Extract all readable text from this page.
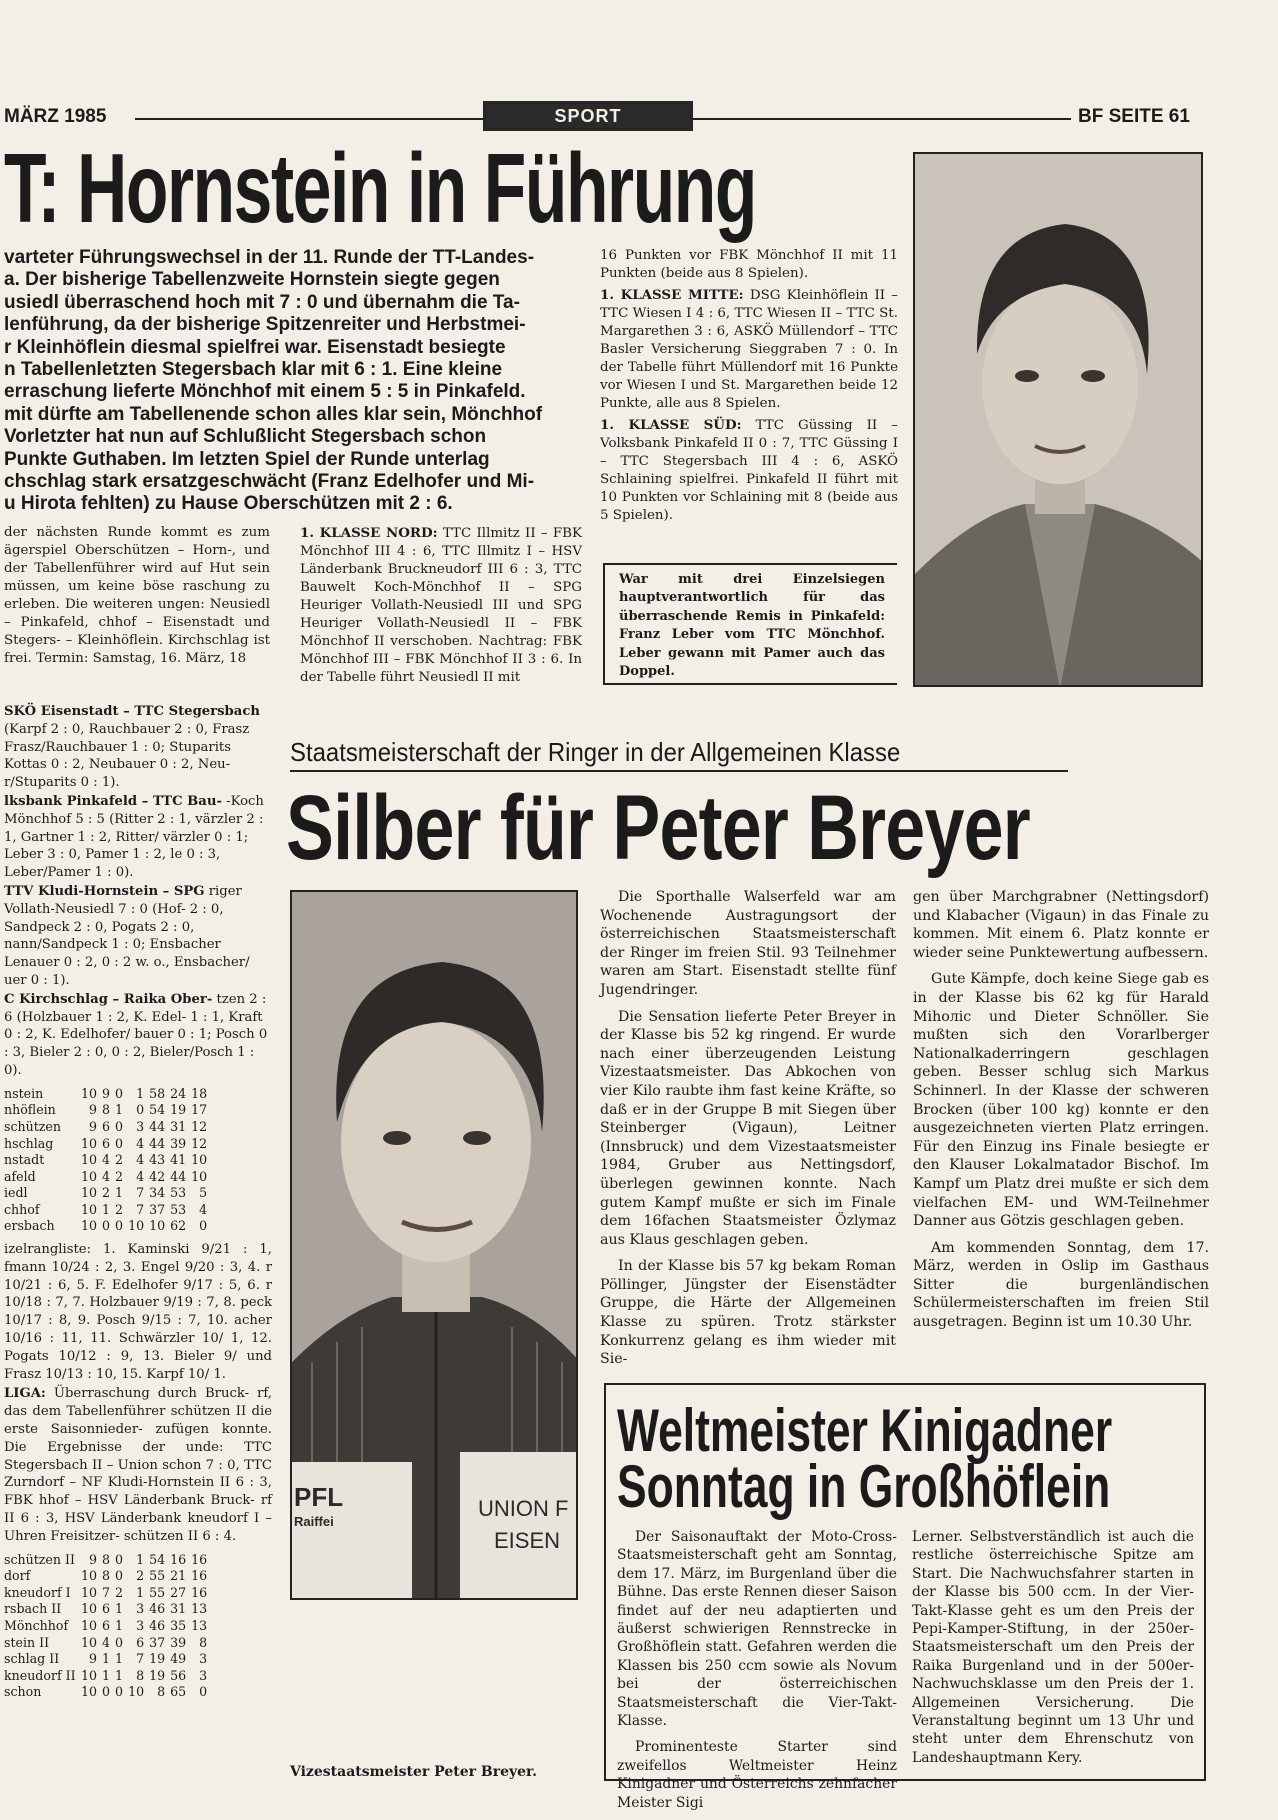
MÄRZ 1985	SPORT	BF SEITE 61
T: Hornstein in Führung
varteter Führungswechsel in der 11. Runde der TT-Landes-
a. Der bisherige Tabellenzweite Hornstein siegte gegen
usiedl überraschend hoch mit 7 : 0 und übernahm die Ta-
lenführung, da der bisherige Spitzenreiter und Herbstmei-
r Kleinhöflein diesmal spielfrei war. Eisenstadt besiegte
n Tabellenletzten Stegersbach klar mit 6 : 1. Eine kleine
erraschung lieferte Mönchhof mit einem 5 : 5 in Pinkafeld.
mit dürfte am Tabellenende schon alles klar sein, Mönchhof
Vorletzter hat nun auf Schlußlicht Stegersbach schon
Punkte Guthaben. Im letzten Spiel der Runde unterlag
chschlag stark ersatzgeschwächt (Franz Edelhofer und Mi-
u Hirota fehlten) zu Hause Oberschützen mit 2 : 6.
der nächsten Runde kommt es zum ägerspiel Oberschützen – Horn-, und der Tabellenführer wird auf Hut sein müssen, um keine böse raschung zu erleben. Die weiteren ungen: Neusiedl – Pinkafeld, chhof – Eisenstadt und Stegers- – Kleinhöflein. Kirchschlag ist frei. Termin: Samstag, 16. März, 18
1. KLASSE NORD: TTC Illmitz II – FBK Mönchhof III 4 : 6, TTC Illmitz I – HSV Länderbank Bruckneudorf III 6 : 3, TTC Bauwelt Koch-Mönchhof II – SPG Heuriger Vollath-Neusiedl III und SPG Heuriger Vollath-Neusiedl II – FBK Mönchhof II verschoben. Nachtrag: FBK Mönchhof III – FBK Mönchhof II 3 : 6. In der Tabelle führt Neusiedl II mit

16 Punkten vor FBK Mönchhof II mit 11 Punkten (beide aus 8 Spielen).

1. KLASSE MITTE: DSG Kleinhöflein II – TTC Wiesen I 4 : 6, TTC Wiesen II – TTC St. Margarethen 3 : 6, ASKÖ Müllendorf – TTC Basler Versicherung Sieggraben 7 : 0. In der Tabelle führt Müllendorf mit 16 Punkte vor Wiesen I und St. Margarethen beide 12 Punkte, alle aus 8 Spielen.

1. KLASSE SÜD: TTC Güssing II – Volksbank Pinkafeld II 0 : 7, TTC Güssing I – TTC Stegersbach III 4 : 6, ASKÖ Schlaining spielfrei. Pinkafeld II führt mit 10 Punkten vor Schlaining mit 8 (beide aus 5 Spielen).

War mit drei Einzelsiegen hauptverantwortlich für das überraschende Remis in Pinkafeld: Franz Leber vom TTC Mönchhof. Leber gewann mit Pamer auch das Doppel.
SKÖ Eisenstadt – TTC Stegersbach (Karpf 2 : 0, Rauchbauer 2 : 0, Frasz Frasz/Rauchbauer 1 : 0; Stuparits Kottas 0 : 2, Neubauer 0 : 2, Neu- r/Stuparits 0 : 1).
lksbank Pinkafeld – TTC Bau- -Koch Mönchhof 5 : 5 (Ritter 2 : 1, värzler 2 : 1, Gartner 1 : 2, Ritter/ värzler 0 : 1; Leber 3 : 0, Pamer 1 : 2, le 0 : 3, Leber/Pamer 1 : 0).
TTV Kludi-Hornstein – SPG riger Vollath-Neusiedl 7 : 0 (Hof- 2 : 0, Sandpeck 2 : 0, Pogats 2 : 0, nann/Sandpeck 1 : 0; Ensbacher Lenauer 0 : 2, 0 : 2 w. o., Ensbacher/ uer 0 : 1).
C Kirchschlag – Raika Ober- tzen 2 : 6 (Holzbauer 1 : 2, K. Edel- 1 : 1, Kraft 0 : 2, K. Edelhofer/ bauer 0 : 1; Posch 0 : 3, Bieler 2 : 0, 0 : 2, Bieler/Posch 1 : 0).
nstein	10	9	0	1	58	24	18
nhöflein	9	8	1	0	54	19	17
schützen	9	6	0	3	44	31	12
hschlag	10	6	0	4	44	39	12
nstadt	10	4	2	4	43	41	10
afeld	10	4	2	4	42	44	10
iedl	10	2	1	7	34	53	5
chhof	10	1	2	7	37	53	4
ersbach	10	0	0	10	10	62	0
izelrangliste: 1. Kaminski 9/21 : 1, fmann 10/24 : 2, 3. Engel 9/20 : 3, 4. r 10/21 : 6, 5. F. Edelhofer 9/17 : 5, 6. r 10/18 : 7, 7. Holzbauer 9/19 : 7, 8. peck 10/17 : 8, 9. Posch 9/15 : 7, 10. acher 10/16 : 11, 11. Schwärzler 10/ 1, 12. Pogats 10/12 : 9, 13. Bieler 9/ und Frasz 10/13 : 10, 15. Karpf 10/ 1.
LIGA: Überraschung durch Bruck- rf, das dem Tabellenführer schützen II die erste Saisonnieder- zufügen konnte. Die Ergebnisse der unde: TTC Stegersbach II – Union schon 7 : 0, TTC Zurndorf – NF Kludi-Hornstein II 6 : 3, FBK hhof – HSV Länderbank Bruck- rf II 6 : 3, HSV Länderbank kneudorf I – Uhren Freisitzer- schützen II 6 : 4.
schützen II	9	8	0	1	54	16	16
dorf	10	8	0	2	55	21	16
kneudorf I	10	7	2	1	55	27	16
rsbach II	10	6	1	3	46	31	13
Mönchhof	10	6	1	3	46	35	13
stein II	10	4	0	6	37	39	8
schlag II	9	1	1	7	19	49	3
kneudorf II	10	1	1	8	19	56	3
schon	10	0	0	10	8	65	0
Staatsmeisterschaft der Ringer in der Allgemeinen Klasse
Silber für Peter Breyer
PFL
Raiffei
UNION F
EISEN
Vizestaatsmeister Peter Breyer.

Die Sporthalle Walserfeld war am Wochenende Austragungsort der österreichischen Staatsmeisterschaft der Ringer im freien Stil. 93 Teilnehmer waren am Start. Eisenstadt stellte fünf Jugendringer.

Die Sensation lieferte Peter Breyer in der Klasse bis 52 kg ringend. Er wurde nach einer überzeugenden Leistung Vizestaatsmeister. Das Abkochen von vier Kilo raubte ihm fast keine Kräfte, so daß er in der Gruppe B mit Siegen über Steinberger (Vigaun), Leitner (Innsbruck) und dem Vizestaatsmeister 1984, Gruber aus Nettingsdorf, überlegen gewinnen konnte. Nach gutem Kampf mußte er sich im Finale dem 16fachen Staatsmeister Özlymaz aus Klaus geschlagen geben.

In der Klasse bis 57 kg bekam Roman Pöllinger, Jüngster der Eisenstädter Gruppe, die Härte der Allgemeinen Klasse zu spüren. Trotz stärkster Konkurrenz gelang es ihm wieder mit Sie-

gen über Marchgrabner (Nettingsdorf) und Klabacher (Vigaun) in das Finale zu kommen. Mit einem 6. Platz konnte er wieder seine Punktewertung aufbessern.

Gute Kämpfe, doch keine Siege gab es in der Klasse bis 62 kg für Harald Mihoлic und Dieter Schnöller. Sie mußten sich den Vorarlberger Nationalkaderringern geschlagen geben. Besser schlug sich Markus Schinnerl. In der Klasse der schweren Brocken (über 100 kg) konnte er den ausgezeichneten vierten Platz erringen. Für den Einzug ins Finale besiegte er den Klauser Lokalmatador Bischof. Im Kampf um Platz drei mußte er sich dem vielfachen EM- und WM-Teilnehmer Danner aus Götzis geschlagen geben.

Am kommenden Sonntag, dem 17. März, werden in Oslip im Gasthaus Sitter die burgenländischen Schülermeisterschaften im freien Stil ausgetragen. Beginn ist um 10.30 Uhr.

Weltmeister Kinigadner
Sonntag in Großhöflein

Der Saisonauftakt der Moto-Cross-Staatsmeisterschaft geht am Sonntag, dem 17. März, im Burgenland über die Bühne. Das erste Rennen dieser Saison findet auf der neu adaptierten und äußerst schwierigen Rennstrecke in Großhöflein statt. Gefahren werden die Klassen bis 250 ccm sowie als Novum bei der österreichischen Staatsmeisterschaft die Vier-Takt-Klasse.

Prominenteste Starter sind zweifellos Weltmeister Heinz Kinigadner und Österreichs zehnfacher Meister Sigi

Lerner. Selbstverständlich ist auch die restliche österreichische Spitze am Start. Die Nachwuchsfahrer starten in der Klasse bis 500 ccm. In der Vier-Takt-Klasse geht es um den Preis der Pepi-Kamper-Stiftung, in der 250er-Staatsmeisterschaft um den Preis der Raika Burgenland und in der 500er-Nachwuchsklasse um den Preis der 1. Allgemeinen Versicherung. Die Veranstaltung beginnt um 13 Uhr und steht unter dem Ehrenschutz von Landeshauptmann Kery.
